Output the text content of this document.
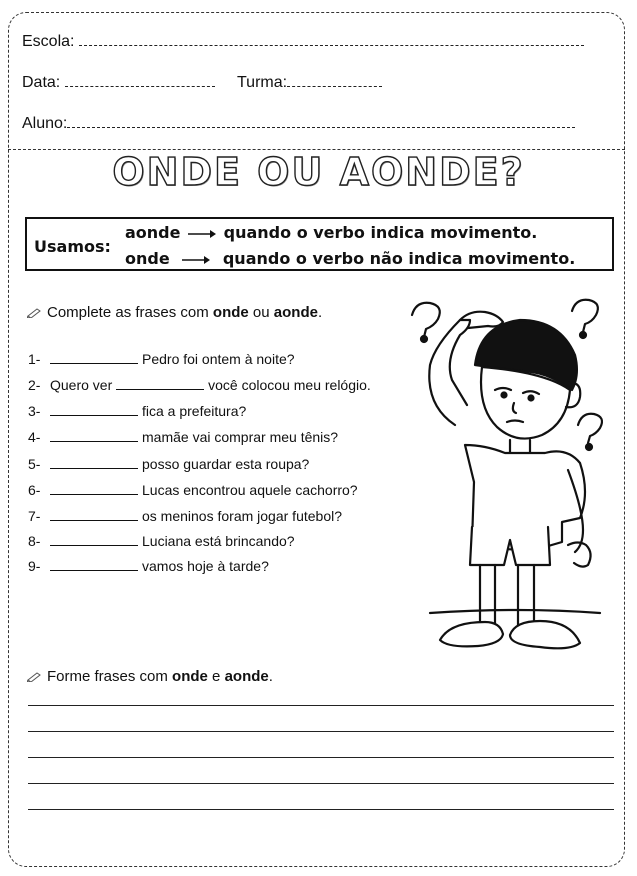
Escola:
Data:	Turma:
Aluno:
ONDE OU AONDE?
Usamos:
aonde	quando o verbo indica movimento.
onde	quando o verbo não indica movimento.
Complete as frases com onde ou aonde.
1-	Pedro foi ontem à noite?
2- Quero ver	você colocou meu relógio.
3-	fica a prefeitura?
4-	mamãe vai comprar meu tênis?
5-	posso guardar esta roupa?
6-	Lucas encontrou aquele cachorro?
7-	os meninos foram jogar futebol?
8-	Luciana está brincando?
9-	vamos hoje à tarde?
Forme frases com onde e aonde.
